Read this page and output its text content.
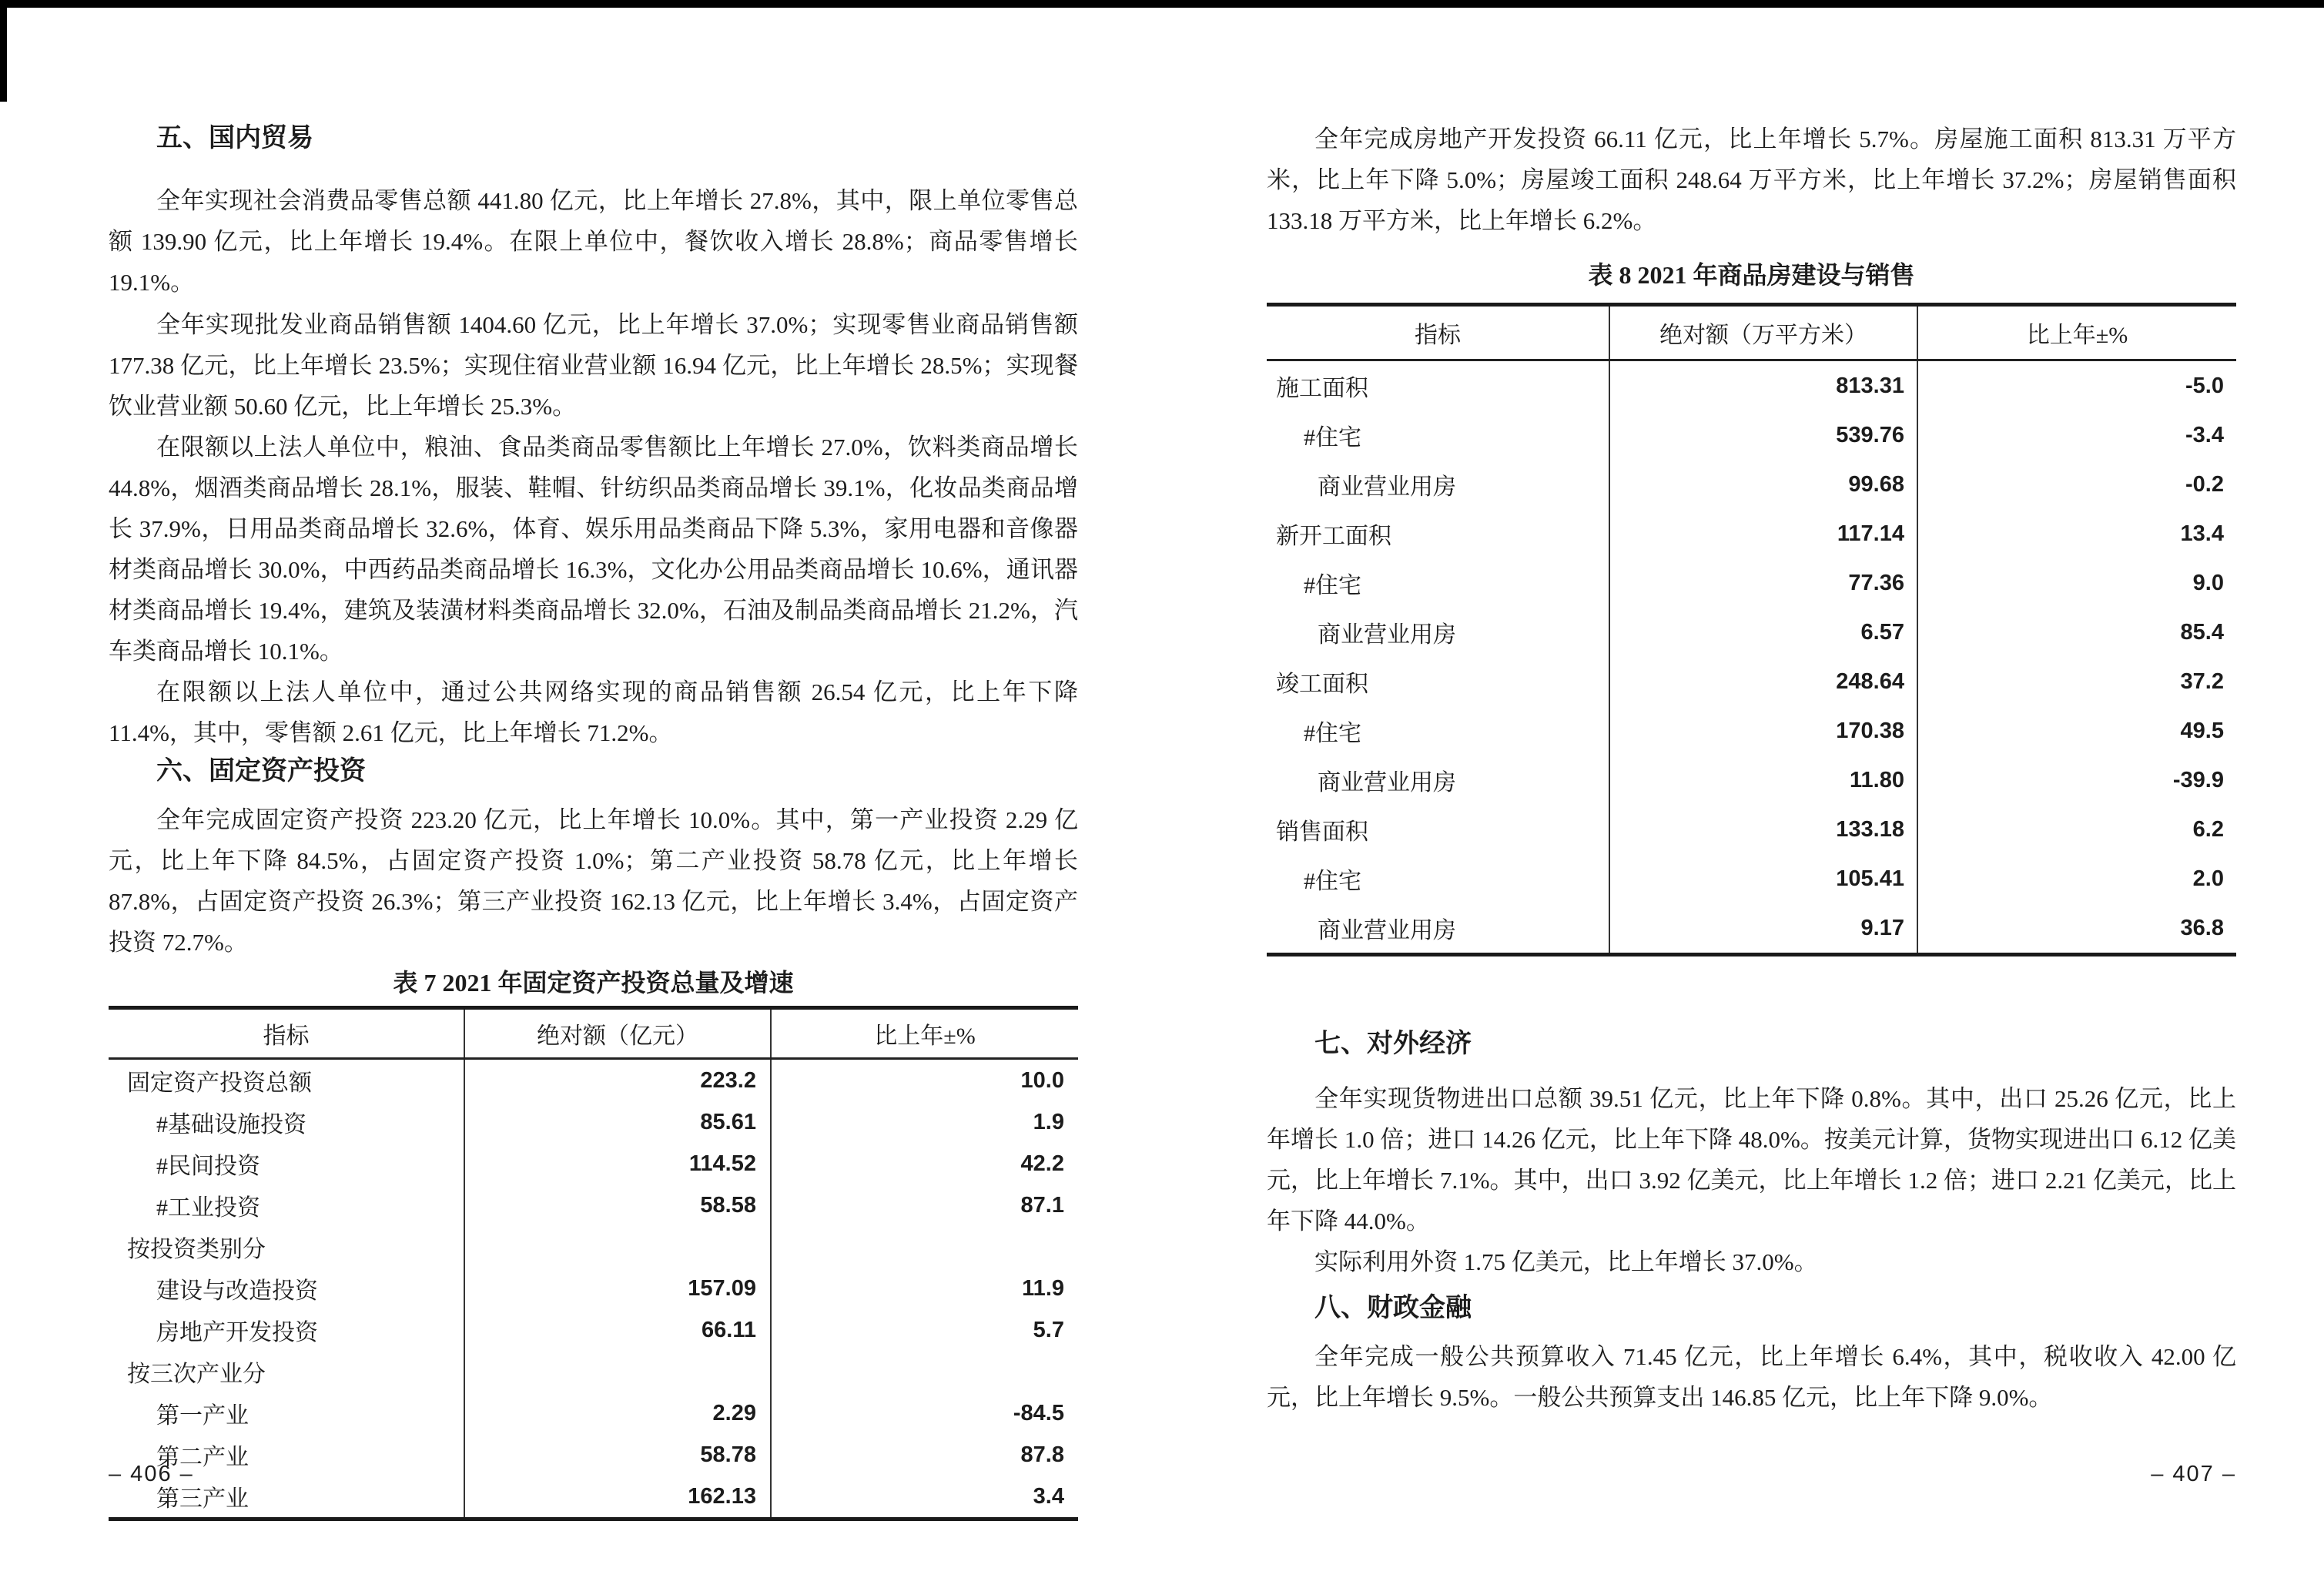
五、国内贸易

全年实现社会消费品零售总额 441.80 亿元，比上年增长 27.8%，其中，限上单位零售总额 139.90 亿元，比上年增长 19.4%。在限上单位中，餐饮收入增长 28.8%；商品零售增长 19.1%。

全年实现批发业商品销售额 1404.60 亿元，比上年增长 37.0%；实现零售业商品销售额 177.38 亿元，比上年增长 23.5%；实现住宿业营业额 16.94 亿元，比上年增长 28.5%；实现餐饮业营业额 50.60 亿元，比上年增长 25.3%。

在限额以上法人单位中，粮油、食品类商品零售额比上年增长 27.0%，饮料类商品增长 44.8%，烟酒类商品增长 28.1%，服装、鞋帽、针纺织品类商品增长 39.1%，化妆品类商品增长 37.9%，日用品类商品增长 32.6%，体育、娱乐用品类商品下降 5.3%，家用电器和音像器材类商品增长 30.0%，中西药品类商品增长 16.3%，文化办公用品类商品增长 10.6%，通讯器材类商品增长 19.4%，建筑及装潢材料类商品增长 32.0%，石油及制品类商品增长 21.2%，汽车类商品增长 10.1%。

在限额以上法人单位中，通过公共网络实现的商品销售额 26.54 亿元，比上年下降 11.4%，其中，零售额 2.61 亿元，比上年增长 71.2%。

六、固定资产投资

全年完成固定资产投资 223.20 亿元，比上年增长 10.0%。其中，第一产业投资 2.29 亿元，比上年下降 84.5%，占固定资产投资 1.0%；第二产业投资 58.78 亿元，比上年增长 87.8%，占固定资产投资 26.3%；第三产业投资 162.13 亿元，比上年增长 3.4%，占固定资产投资 72.7%。

表 7 2021 年固定资产投资总量及增速

指标	绝对额（亿元）	比上年±%
固定资产投资总额	223.2	10.0
#基础设施投资	85.61	1.9
#民间投资	114.52	42.2
#工业投资	58.58	87.1
按投资类别分		
建设与改造投资	157.09	11.9
房地产开发投资	66.11	5.7
按三次产业分		
第一产业	2.29	-84.5
第二产业	58.78	87.8
第三产业	162.13	3.4
– 406 –

全年完成房地产开发投资 66.11 亿元，比上年增长 5.7%。房屋施工面积 813.31 万平方米，比上年下降 5.0%；房屋竣工面积 248.64 万平方米，比上年增长 37.2%；房屋销售面积 133.18 万平方米，比上年增长 6.2%。

表 8 2021 年商品房建设与销售

指标	绝对额（万平方米）	比上年±%
施工面积	813.31	-5.0
#住宅	539.76	-3.4
商业营业用房	99.68	-0.2
新开工面积	117.14	13.4
#住宅	77.36	9.0
商业营业用房	6.57	85.4
竣工面积	248.64	37.2
#住宅	170.38	49.5
商业营业用房	11.80	-39.9
销售面积	133.18	6.2
#住宅	105.41	2.0
商业营业用房	9.17	36.8
七、对外经济

全年实现货物进出口总额 39.51 亿元，比上年下降 0.8%。其中，出口 25.26 亿元，比上年增长 1.0 倍；进口 14.26 亿元，比上年下降 48.0%。按美元计算，货物实现进出口 6.12 亿美元，比上年增长 7.1%。其中，出口 3.92 亿美元，比上年增长 1.2 倍；进口 2.21 亿美元，比上年下降 44.0%。

实际利用外资 1.75 亿美元，比上年增长 37.0%。

八、财政金融

全年完成一般公共预算收入 71.45 亿元，比上年增长 6.4%，其中，税收收入 42.00 亿元，比上年增长 9.5%。一般公共预算支出 146.85 亿元，比上年下降 9.0%。

– 407 –
